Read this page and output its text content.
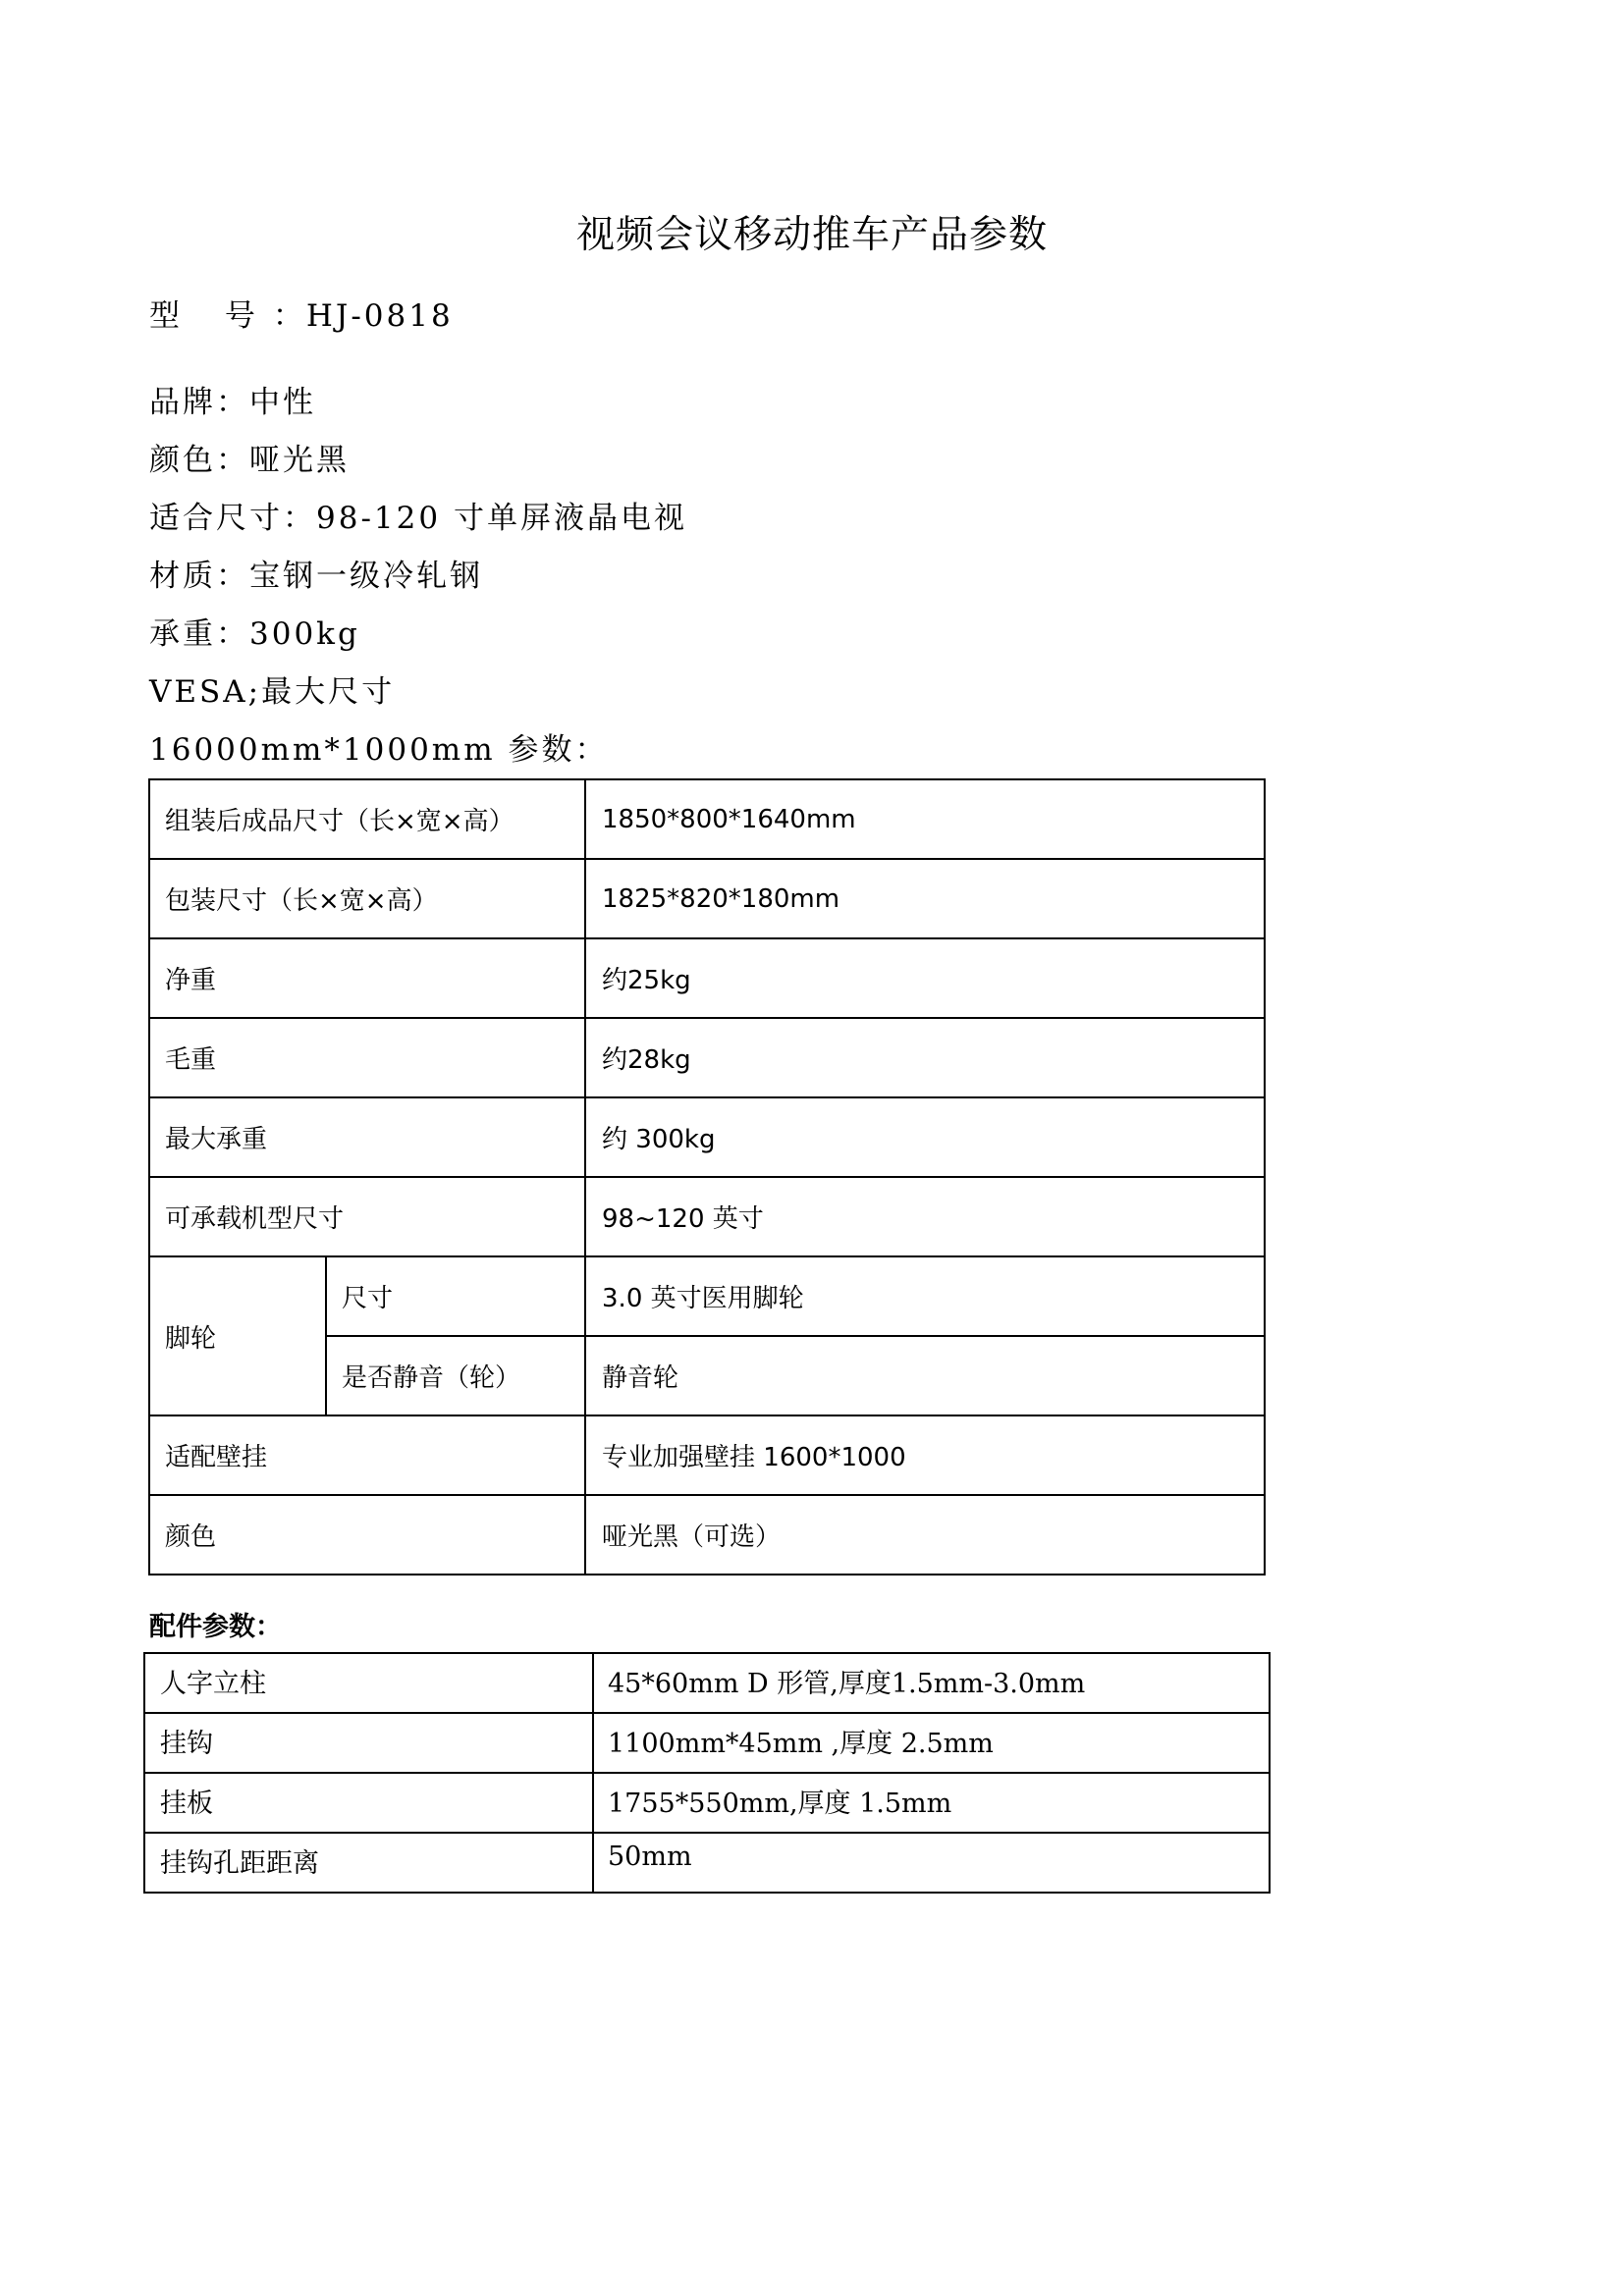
视频会议移动推车产品参数
型 号：HJ-0818
品牌：中性
颜色：哑光黑
适合尺寸：98-120 寸单屏液晶电视
材质：宝钢一级冷轧钢
承重：300kg
VESA;最大尺寸
16000mm*1000mm 参数：
组装后成品尺寸（长×宽×高）		1850*800*1640mm
包装尺寸（长×宽×高）		1825*820*180mm
净重		约25kg
毛重		约28kg
最大承重		约 300kg
可承载机型尺寸		98~120 英寸
脚轮	尺寸	3.0 英寸医用脚轮
	是否静音（轮）	静音轮
适配壁挂		专业加强壁挂 1600*1000
颜色		哑光黑（可选）
配件参数：
人字立柱	45*60mm D 形管,厚度1.5mm-3.0mm
挂钩	1100mm*45mm ,厚度 2.5mm
挂板	1755*550mm,厚度 1.5mm
挂钩孔距距离	50mm
